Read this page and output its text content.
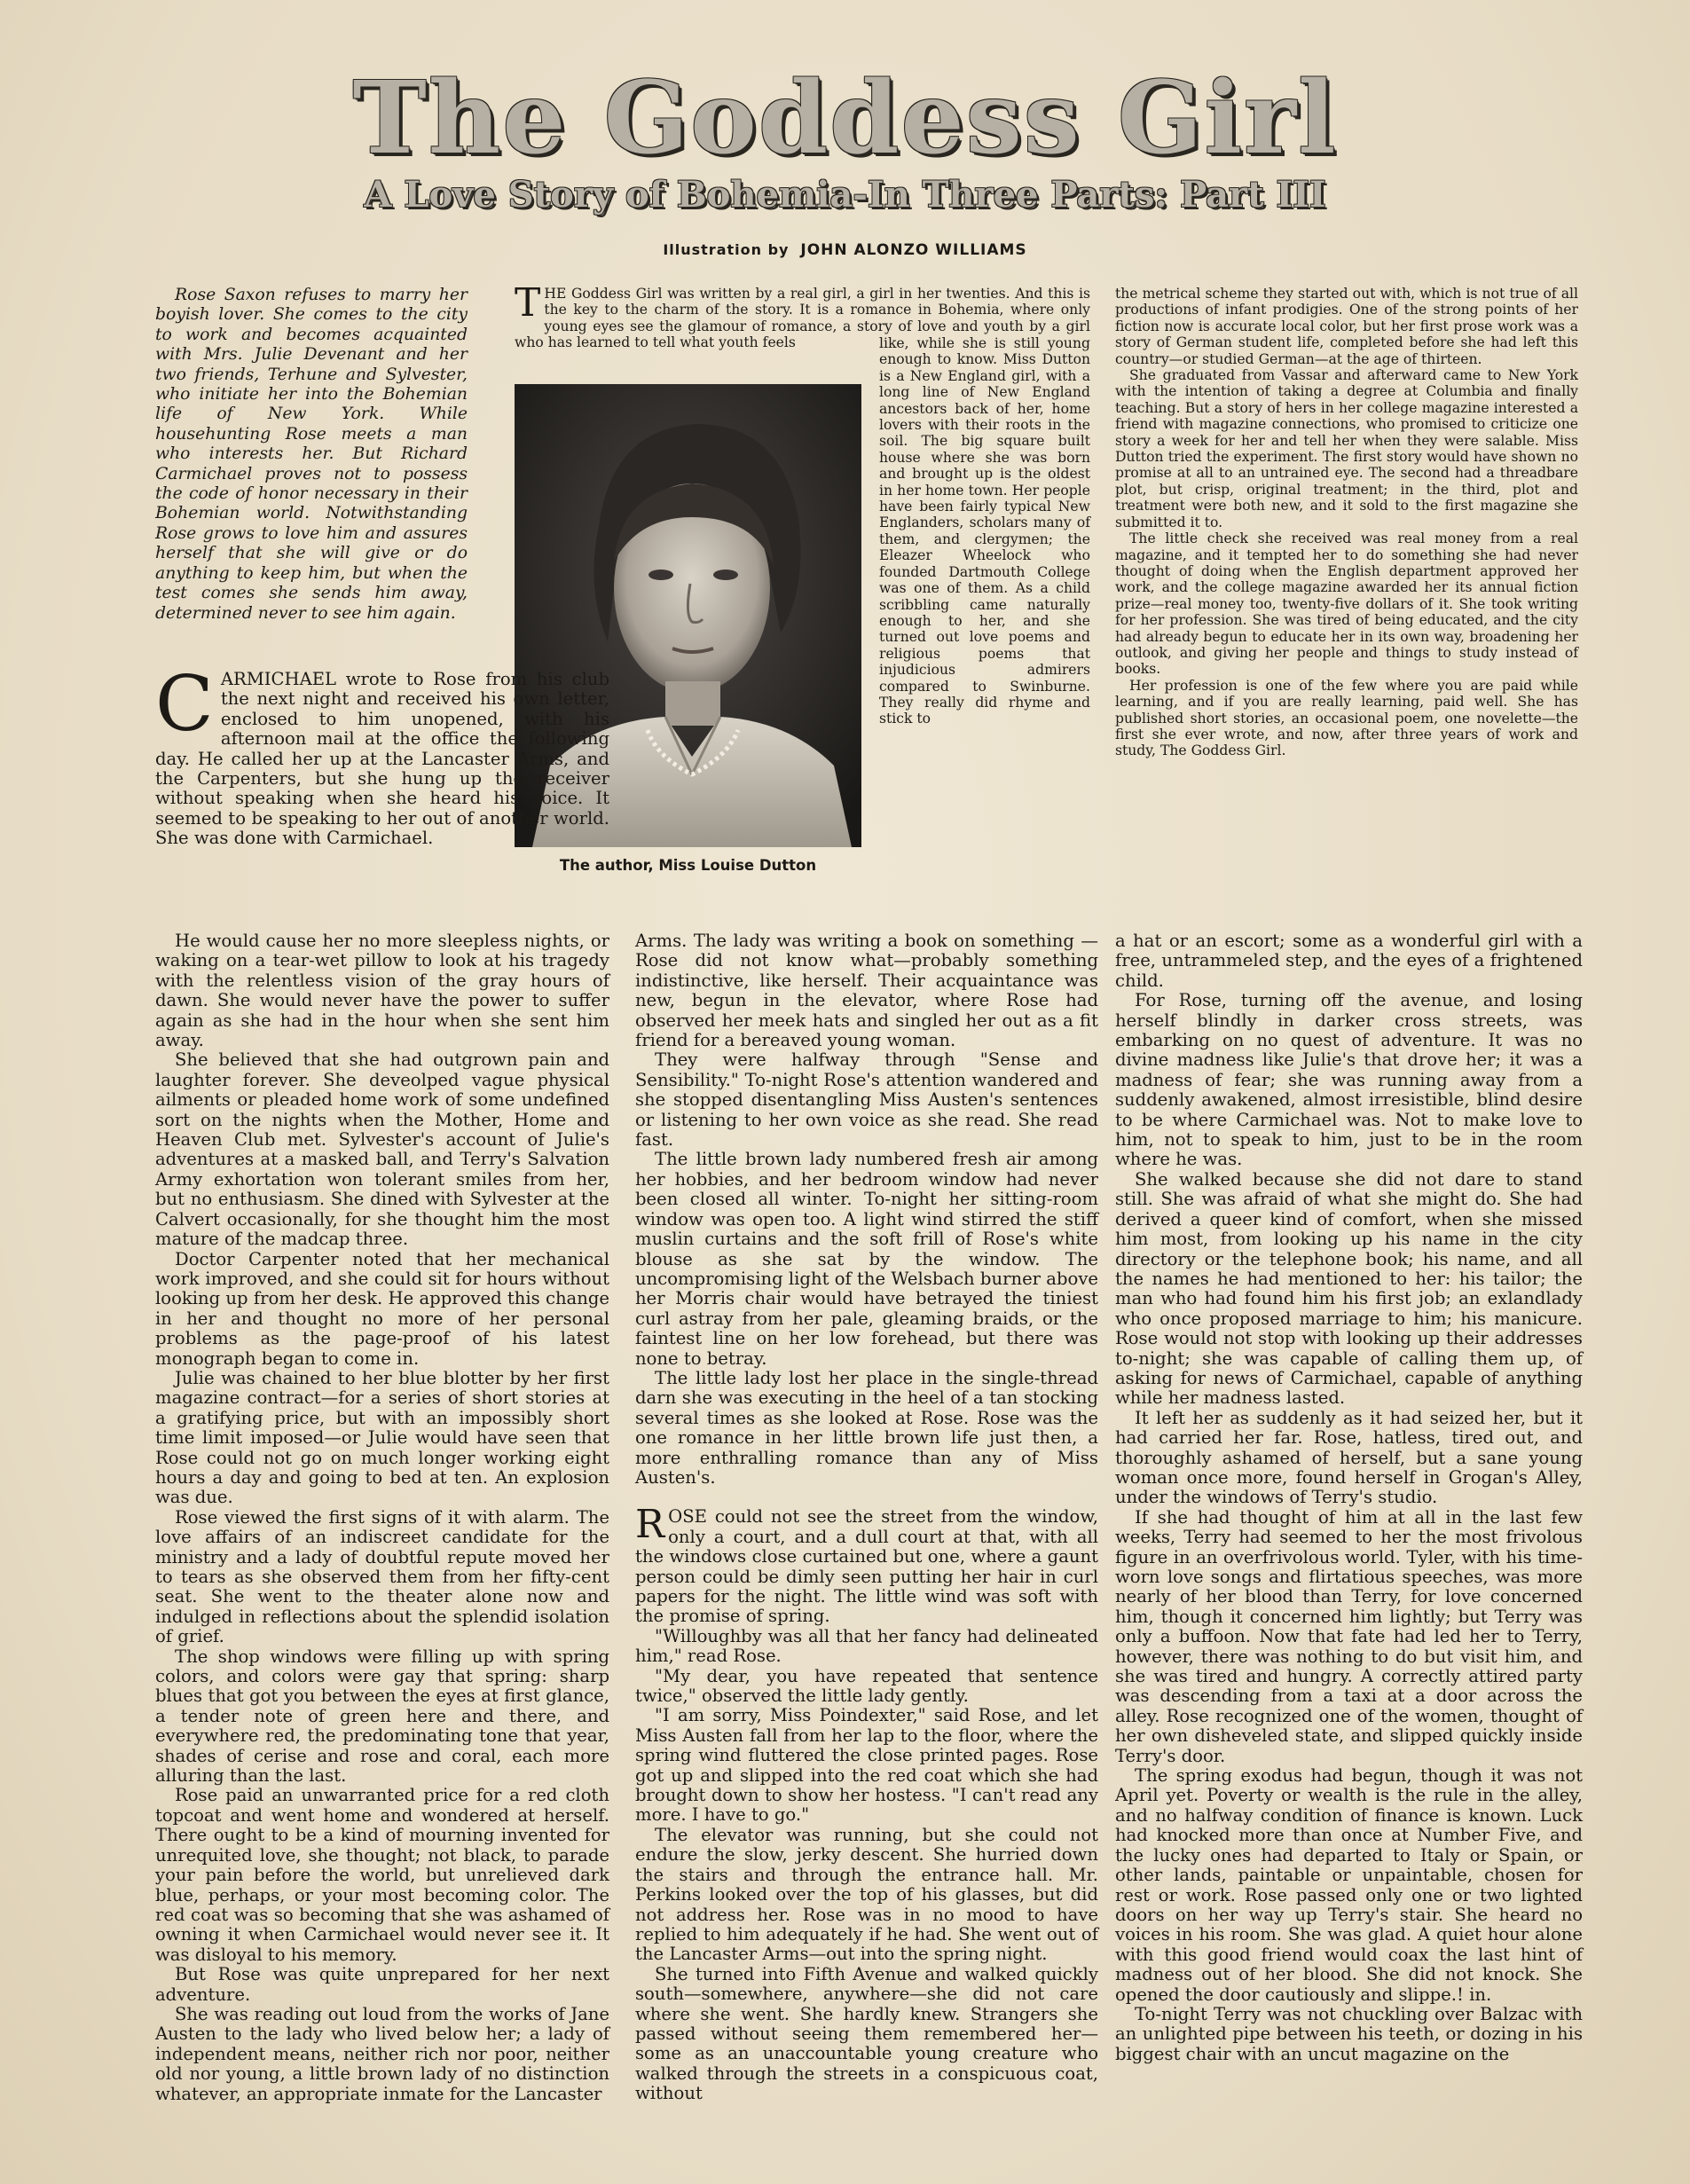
The Goddess Girl
A Love Story of Bohemia-In Three Parts: Part III
Illustration by JOHN ALONZO WILLIAMS

Rose Saxon refuses to marry her boyish lover. She comes to the city to work and becomes acquainted with Mrs. Julie Devenant and her two friends, Terhune and Sylvester, who initiate her into the Bohemian life of New York. While househunting Rose meets a man who interests her. But Richard Carmichael proves not to possess the code of honor necessary in their Bohemian world. Notwithstanding Rose grows to love him and assures herself that she will give or do anything to keep him, but when the test comes she sends him away, determined never to see him again.

THE Goddess Girl was written by a real girl, a girl in her twenties. And this is the key to the charm of the story. It is a romance in Bohemia, where only young eyes see the glamour of romance, a story of love and youth by a girl who has learned to tell what youth feels	like, while she is still young enough to know. Miss Dutton is a New England girl, with a long line of New England ancestors back of her, home lovers with their roots in the soil. The big square built house where she was born and brought up is the oldest in her home town. Her people have been fairly typical New Englanders, scholars many of them, and clergymen; the Eleazer Wheelock who founded Dartmouth College was one of them. As a child scribbling came naturally enough to her, and she turned out love poems and religious poems that injudicious admirers compared to Swinburne. They really did rhyme and stick to

the metrical scheme they started out with, which is not true of all productions of infant prodigies. One of the strong points of her fiction now is accurate local color, but her first prose work was a story of German student life, completed before she had left this country—or studied German—at the age of thirteen.

She graduated from Vassar and afterward came to New York with the intention of taking a degree at Columbia and finally teaching. But a story of hers in her college magazine interested a friend with magazine connections, who promised to criticize one story a week for her and tell her when they were salable. Miss Dutton tried the experiment. The first story would have shown no promise at all to an untrained eye. The second had a threadbare plot, but crisp, original treatment; in the third, plot and treatment were both new, and it sold to the first magazine she submitted it to.

The little check she received was real money from a real magazine, and it tempted her to do something she had never thought of doing when the English department approved her work, and the college magazine awarded her its annual fiction prize—real money too, twenty-five dollars of it. She took writing for her profession. She was tired of being educated, and the city had already begun to educate her in its own way, broadening her outlook, and giving her people and things to study instead of books.

Her profession is one of the few where you are paid while learning, and if you are really learning, paid well. She has published short stories, an occasional poem, one novelette—the first she ever wrote, and now, after three years of work and study, The Goddess Girl.

The author, Miss Louise Dutton

CARMICHAEL wrote to Rose from his club the next night and received his own letter, enclosed to him unopened, with his afternoon mail at the office the following day. He called her up at the Lancaster Arms, and the Carpenters, but she hung up the receiver without speaking when she heard his voice. It seemed to be speaking to her out of another world. She was done with Carmichael.

He would cause her no more sleepless nights, or waking on a tear-wet pillow to look at his tragedy with the relentless vision of the gray hours of dawn. She would never have the power to suffer again as she had in the hour when she sent him away.

She believed that she had outgrown pain and laughter forever. She deveolped vague physical ailments or pleaded home work of some undefined sort on the nights when the Mother, Home and Heaven Club met. Sylvester's account of Julie's adventures at a masked ball, and Terry's Salvation Army exhortation won tolerant smiles from her, but no enthusiasm. She dined with Sylvester at the Calvert occasionally, for she thought him the most mature of the madcap three.

Doctor Carpenter noted that her mechanical work improved, and she could sit for hours without looking up from her desk. He approved this change in her and thought no more of her personal problems as the page-proof of his latest monograph began to come in.

Julie was chained to her blue blotter by her first magazine contract—for a series of short stories at a gratifying price, but with an impossibly short time limit imposed—or Julie would have seen that Rose could not go on much longer working eight hours a day and going to bed at ten. An explosion was due.

Rose viewed the first signs of it with alarm. The love affairs of an indiscreet candidate for the ministry and a lady of doubtful repute moved her to tears as she observed them from her fifty-cent seat. She went to the theater alone now and indulged in reflections about the splendid isolation of grief.

The shop windows were filling up with spring colors, and colors were gay that spring: sharp blues that got you between the eyes at first glance, a tender note of green here and there, and everywhere red, the predominating tone that year, shades of cerise and rose and coral, each more alluring than the last.

Rose paid an unwarranted price for a red cloth topcoat and went home and wondered at herself. There ought to be a kind of mourning invented for unrequited love, she thought; not black, to parade your pain before the world, but unrelieved dark blue, perhaps, or your most becoming color. The red coat was so becoming that she was ashamed of owning it when Carmichael would never see it. It was disloyal to his memory.

But Rose was quite unprepared for her next adventure.

She was reading out loud from the works of Jane Austen to the lady who lived below her; a lady of independent means, neither rich nor poor, neither old nor young, a little brown lady of no distinction whatever, an appropriate inmate for the Lancaster

Arms. The lady was writing a book on something —Rose did not know what—probably something indistinctive, like herself. Their acquaintance was new, begun in the elevator, where Rose had observed her meek hats and singled her out as a fit friend for a bereaved young woman.

They were halfway through "Sense and Sensibility." To-night Rose's attention wandered and she stopped disentangling Miss Austen's sentences or listening to her own voice as she read. She read fast.

The little brown lady numbered fresh air among her hobbies, and her bedroom window had never been closed all winter. To-night her sitting-room window was open too. A light wind stirred the stiff muslin curtains and the soft frill of Rose's white blouse as she sat by the window. The uncompromising light of the Welsbach burner above her Morris chair would have betrayed the tiniest curl astray from her pale, gleaming braids, or the faintest line on her low forehead, but there was none to betray.

The little lady lost her place in the single-thread darn she was executing in the heel of a tan stocking several times as she looked at Rose. Rose was the one romance in her little brown life just then, a more enthralling romance than any of Miss Austen's.

ROSE could not see the street from the window, only a court, and a dull court at that, with all the windows close curtained but one, where a gaunt person could be dimly seen putting her hair in curl papers for the night. The little wind was soft with the promise of spring.

"Willoughby was all that her fancy had delineated him," read Rose.

"My dear, you have repeated that sentence twice," observed the little lady gently.

"I am sorry, Miss Poindexter," said Rose, and let Miss Austen fall from her lap to the floor, where the spring wind fluttered the close printed pages. Rose got up and slipped into the red coat which she had brought down to show her hostess. "I can't read any more. I have to go."

The elevator was running, but she could not endure the slow, jerky descent. She hurried down the stairs and through the entrance hall. Mr. Perkins looked over the top of his glasses, but did not address her. Rose was in no mood to have replied to him adequately if he had. She went out of the Lancaster Arms—out into the spring night.

She turned into Fifth Avenue and walked quickly south—somewhere, anywhere—she did not care where she went. She hardly knew. Strangers she passed without seeing them remembered her—some as an unaccountable young creature who walked through the streets in a conspicuous coat, without

a hat or an escort; some as a wonderful girl with a free, untrammeled step, and the eyes of a frightened child.

For Rose, turning off the avenue, and losing herself blindly in darker cross streets, was embarking on no quest of adventure. It was no divine madness like Julie's that drove her; it was a madness of fear; she was running away from a suddenly awakened, almost irresistible, blind desire to be where Carmichael was. Not to make love to him, not to speak to him, just to be in the room where he was.

She walked because she did not dare to stand still. She was afraid of what she might do. She had derived a queer kind of comfort, when she missed him most, from looking up his name in the city directory or the telephone book; his name, and all the names he had mentioned to her: his tailor; the man who had found him his first job; an exlandlady who once proposed marriage to him; his manicure. Rose would not stop with looking up their addresses to-night; she was capable of calling them up, of asking for news of Carmichael, capable of anything while her madness lasted.

It left her as suddenly as it had seized her, but it had carried her far. Rose, hatless, tired out, and thoroughly ashamed of herself, but a sane young woman once more, found herself in Grogan's Alley, under the windows of Terry's studio.

If she had thought of him at all in the last few weeks, Terry had seemed to her the most frivolous figure in an overfrivolous world. Tyler, with his time-worn love songs and flirtatious speeches, was more nearly of her blood than Terry, for love concerned him, though it concerned him lightly; but Terry was only a buffoon. Now that fate had led her to Terry, however, there was nothing to do but visit him, and she was tired and hungry. A correctly attired party was descending from a taxi at a door across the alley. Rose recognized one of the women, thought of her own disheveled state, and slipped quickly inside Terry's door.

The spring exodus had begun, though it was not April yet. Poverty or wealth is the rule in the alley, and no halfway condition of finance is known. Luck had knocked more than once at Number Five, and the lucky ones had departed to Italy or Spain, or other lands, paintable or unpaintable, chosen for rest or work. Rose passed only one or two lighted doors on her way up Terry's stair. She heard no voices in his room. She was glad. A quiet hour alone with this good friend would coax the last hint of madness out of her blood. She did not knock. She opened the door cautiously and slippe.! in.

To-night Terry was not chuckling over Balzac with an unlighted pipe between his teeth, or dozing in his biggest chair with an uncut magazine on the
